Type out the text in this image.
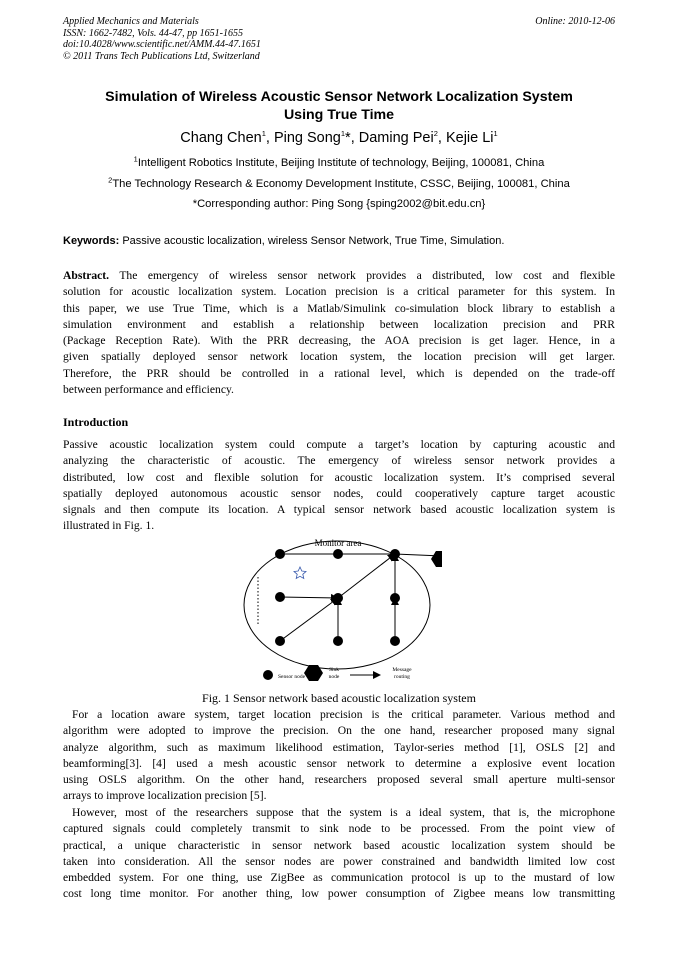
Applied Mechanics and Materials
ISSN: 1662-7482, Vols. 44-47, pp 1651-1655
doi:10.4028/www.scientific.net/AMM.44-47.1651
© 2011 Trans Tech Publications Ltd, Switzerland
Online: 2010-12-06
Simulation of Wireless Acoustic Sensor Network Localization System
Using True Time
Chang Chen$^1$, Ping Song$^1$*, Daming Pei$^2$, Kejie Li$^1$
$^1$Intelligent Robotics Institute, Beijing Institute of technology, Beijing, 100081, China
$^2$The Technology Research & Economy Development Institute, CSSC, Beijing, 100081, China
*Corresponding author: Ping Song {sping2002@bit.edu.cn}
Keywords: Passive acoustic localization, wireless Sensor Network, True Time, Simulation.
Abstract. The emergency of wireless sensor network provides a distributed, low cost and flexible
solution for acoustic localization system. Location precision is a critical parameter for this system. In
this paper, we use True Time, which is a Matlab/Simulink co-simulation block library to establish a
simulation environment and establish a relationship between localization precision and PRR
(Package Reception Rate). With the PRR decreasing, the AOA precision is get lager. Hence, in a
given spatially deployed sensor network location system, the location precision will get larger.
Therefore, the PRR should be controlled in a rational level, which is depended on the trade-off
between performance and efficiency.
Introduction
Passive acoustic localization system could compute a target’s location by capturing acoustic and
analyzing the characteristic of acoustic. The emergency of wireless sensor network provides a
distributed, low cost and flexible solution for acoustic localization system. It’s comprised several
spatially deployed autonomous acoustic sensor nodes, could cooperatively capture target acoustic
signals and then compute its location. A typical sensor network based acoustic localization system is
illustrated in Fig. 1.
Monitor area
Sensor node
Sink
node
Message
routing
Fig. 1 Sensor network based acoustic localization system
For a location aware system, target location precision is the critical parameter. Various method and
algorithm were adopted to improve the precision. On the one hand, researcher proposed many signal
analyze algorithm, such as maximum likelihood estimation, Taylor-series method [1], OSLS [2] and
beamforming[3]. [4] used a mesh acoustic sensor network to determine a explosive event location
using OSLS algorithm. On the other hand, researchers proposed several small aperture multi-sensor
arrays to improve localization precision [5].
However, most of the researchers suppose that the system is a ideal system, that is, the microphone
captured signals could completely transmit to sink node to be processed. From the point view of
practical, a unique characteristic in sensor network based acoustic localization system should be
taken into consideration. All the sensor nodes are power constrained and bandwidth limited low cost
embedded system. For one thing, use ZigBee as communication protocol is up to the mustard of low
cost long time monitor. For another thing, low power consumption of Zigbee means low transmitting
